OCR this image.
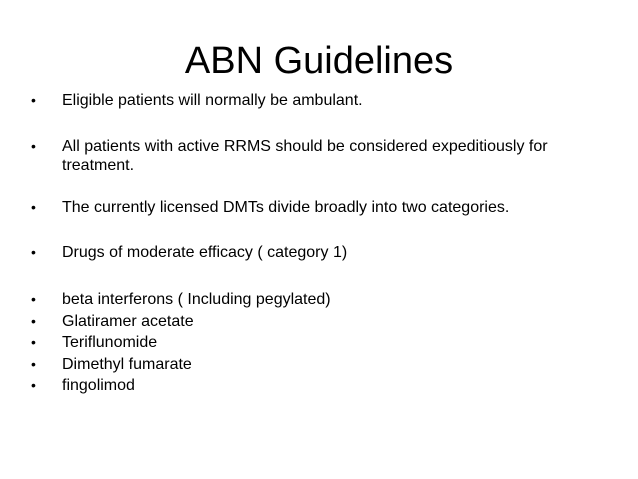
ABN Guidelines
•	Eligible patients will normally be ambulant.
•	All patients with active RRMS should be considered expeditiously for treatment.
•	The currently licensed DMTs divide broadly into two categories.
•	Drugs of moderate efficacy ( category 1)
•	beta interferons ( Including pegylated)
•	Glatiramer acetate
•	Teriflunomide
•	Dimethyl fumarate
•	fingolimod
